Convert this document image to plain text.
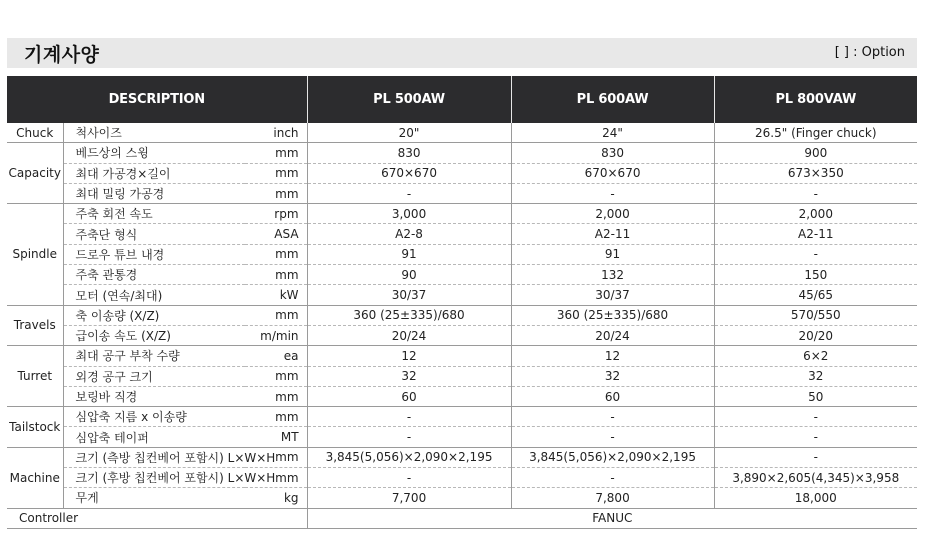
기계사양	[ ] : Option
DESCRIPTION			PL 500AW	PL 600AW	PL 800VAW
Chuck	척사이즈	inch	20"	24"	26.5" (Finger chuck)
Capacity	베드상의 스윙	mm	830	830	900
	최대 가공경×길이	mm	670×670	670×670	673×350
	최대 밀링 가공경	mm	-	-	-
Spindle	주축 회전 속도	rpm	3,000	2,000	2,000
	주축단 형식	ASA	A2-8	A2-11	A2-11
	드로우 튜브 내경	mm	91	91	-
	주축 관통경	mm	90	132	150
	모터 (연속/최대)	kW	30/37	30/37	45/65
Travels	축 이송량 (X/Z)	mm	360 (25±335)/680	360 (25±335)/680	570/550
	급이송 속도 (X/Z)	m/min	20/24	20/24	20/20
Turret	최대 공구 부착 수량	ea	12	12	6×2
	외경 공구 크기	mm	32	32	32
	보링바 직경	mm	60	60	50
Tailstock	심압축 지름 x 이송량	mm	-	-	-
	심압축 테이퍼	MT	-	-	-
Machine	크기 (측방 칩컨베어 포함시) L×W×H	mm	3,845(5,056)×2,090×2,195	3,845(5,056)×2,090×2,195	-
	크기 (후방 칩컨베어 포함시) L×W×H	mm	-	-	3,890×2,605(4,345)×3,958
	무게	kg	7,700	7,800	18,000
Controller			FANUC		
